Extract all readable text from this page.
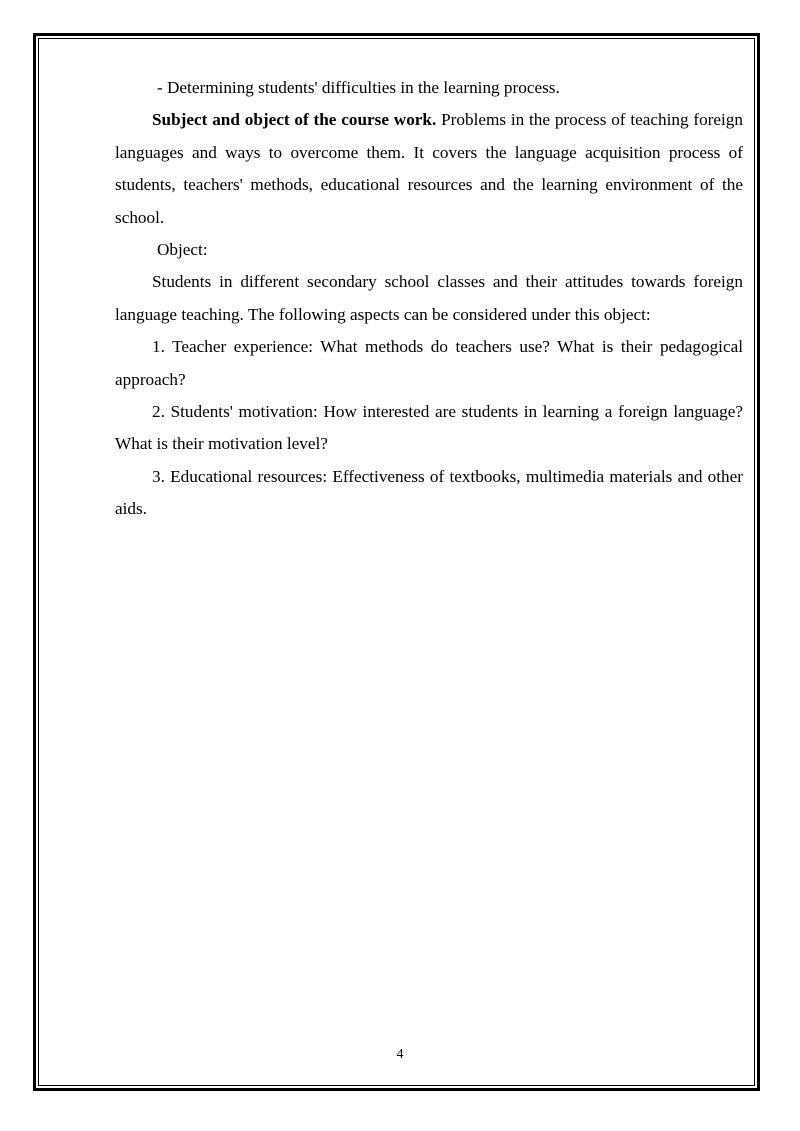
- Determining students' difficulties in the learning process.

Subject and object of the course work. Problems in the process of teaching foreign languages and ways to overcome them. It covers the language acquisition process of students, teachers' methods, educational resources and the learning environment of the school.

Object:

Students in different secondary school classes and their attitudes towards foreign language teaching. The following aspects can be considered under this object:

1. Teacher experience: What methods do teachers use? What is their pedagogical approach?

2. Students' motivation: How interested are students in learning a foreign language? What is their motivation level?

3. Educational resources: Effectiveness of textbooks, multimedia materials and other aids.

4
